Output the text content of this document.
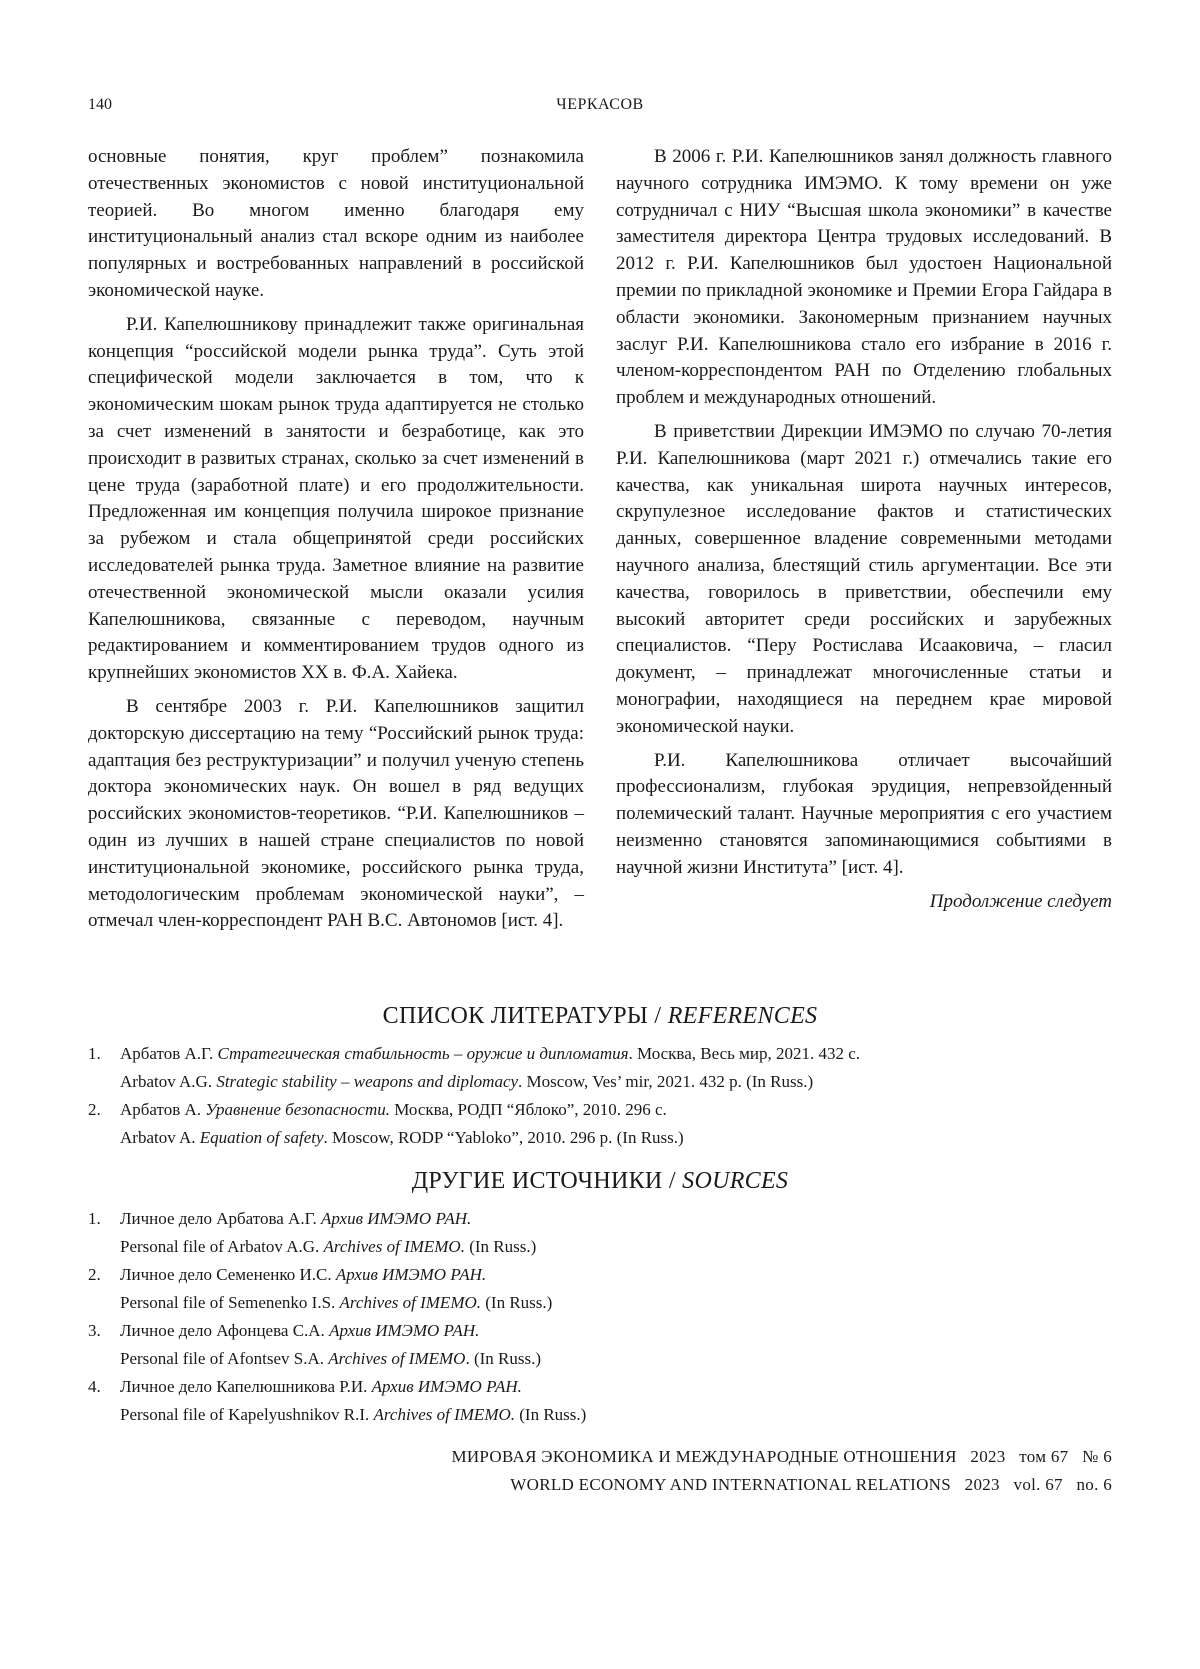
140	ЧЕРКАСОВ

основные понятия, круг проблем” познакомила отечественных экономистов с новой институциональной теорией. Во многом именно благодаря ему институциональный анализ стал вскоре одним из наиболее популярных и востребованных направлений в российской экономической науке.

Р.И. Капелюшникову принадлежит также оригинальная концепция “российской модели рынка труда”. Суть этой специфической модели заключается в том, что к экономическим шокам рынок труда адаптируется не столько за счет изменений в занятости и безработице, как это происходит в развитых странах, сколько за счет изменений в цене труда (заработной плате) и его продолжительности. Предложенная им концепция получила широкое признание за рубежом и стала общепринятой среди российских исследователей рынка труда. Заметное влияние на развитие отечественной экономической мысли оказали усилия Капелюшникова, связанные с переводом, научным редактированием и комментированием трудов одного из крупнейших экономистов XX в. Ф.А. Хайека.

В сентябре 2003 г. Р.И. Капелюшников защитил докторскую диссертацию на тему “Российский рынок труда: адаптация без реструктуризации” и получил ученую степень доктора экономических наук. Он вошел в ряд ведущих российских экономистов-теоретиков. “Р.И. Капелюшников – один из лучших в нашей стране специалистов по новой институциональной экономике, российского рынка труда, методологическим проблемам экономической науки”, – отмечал член-корреспондент РАН В.С. Автономов [ист. 4].

В 2006 г. Р.И. Капелюшников занял должность главного научного сотрудника ИМЭМО. К тому времени он уже сотрудничал с НИУ “Высшая школа экономики” в качестве заместителя директора Центра трудовых исследований. В 2012 г. Р.И. Капелюшников был удостоен Национальной премии по прикладной экономике и Премии Егора Гайдара в области экономики. Закономерным признанием научных заслуг Р.И. Капелюшникова стало его избрание в 2016 г. членом-корреспондентом РАН по Отделению глобальных проблем и международных отношений.

В приветствии Дирекции ИМЭМО по случаю 70-летия Р.И. Капелюшникова (март 2021 г.) отмечались такие его качества, как уникальная широта научных интересов, скрупулезное исследование фактов и статистических данных, совершенное владение современными методами научного анализа, блестящий стиль аргументации. Все эти качества, говорилось в приветствии, обеспечили ему высокий авторитет среди российских и зарубежных специалистов. “Перу Ростислава Исааковича, – гласил документ, – принадлежат многочисленные статьи и монографии, находящиеся на переднем крае мировой экономической науки.

Р.И. Капелюшникова отличает высочайший профессионализм, глубокая эрудиция, непревзойденный полемический талант. Научные мероприятия с его участием неизменно становятся запоминающимися событиями в научной жизни Института” [ист. 4].

Продолжение следует

СПИСОК ЛИТЕРАТУРЫ / REFERENCES
1. Арбатов А.Г. Стратегическая стабильность – оружие и дипломатия. Москва, Весь мир, 2021. 432 с.
Arbatov A.G. Strategic stability – weapons and diplomacy. Moscow, Ves’ mir, 2021. 432 p. (In Russ.)
2. Арбатов А. Уравнение безопасности. Москва, РОДП “Яблоко”, 2010. 296 с.
Arbatov A. Equation of safety. Moscow, RODP “Yabloko”, 2010. 296 p. (In Russ.)
ДРУГИЕ ИСТОЧНИКИ / SOURCES
1. Личное дело Арбатова А.Г. Архив ИМЭМО РАН.
Personal file of Arbatov A.G. Archives of IMEMO. (In Russ.)
2. Личное дело Семененко И.С. Архив ИМЭМО РАН.
Personal file of Semenenko I.S. Archives of IMEMO. (In Russ.)
3. Личное дело Афонцева С.А. Архив ИМЭМО РАН.
Personal file of Afontsev S.A. Archives of IMEMO. (In Russ.)
4. Личное дело Капелюшникова Р.И. Архив ИМЭМО РАН.
Personal file of Kapelyushnikov R.I. Archives of IMEMO. (In Russ.)
МИРОВАЯ ЭКОНОМИКА И МЕЖДУНАРОДНЫЕ ОТНОШЕНИЯ 2023 том 67 № 6
WORLD ECONOMY AND INTERNATIONAL RELATIONS 2023 vol. 67 no. 6
